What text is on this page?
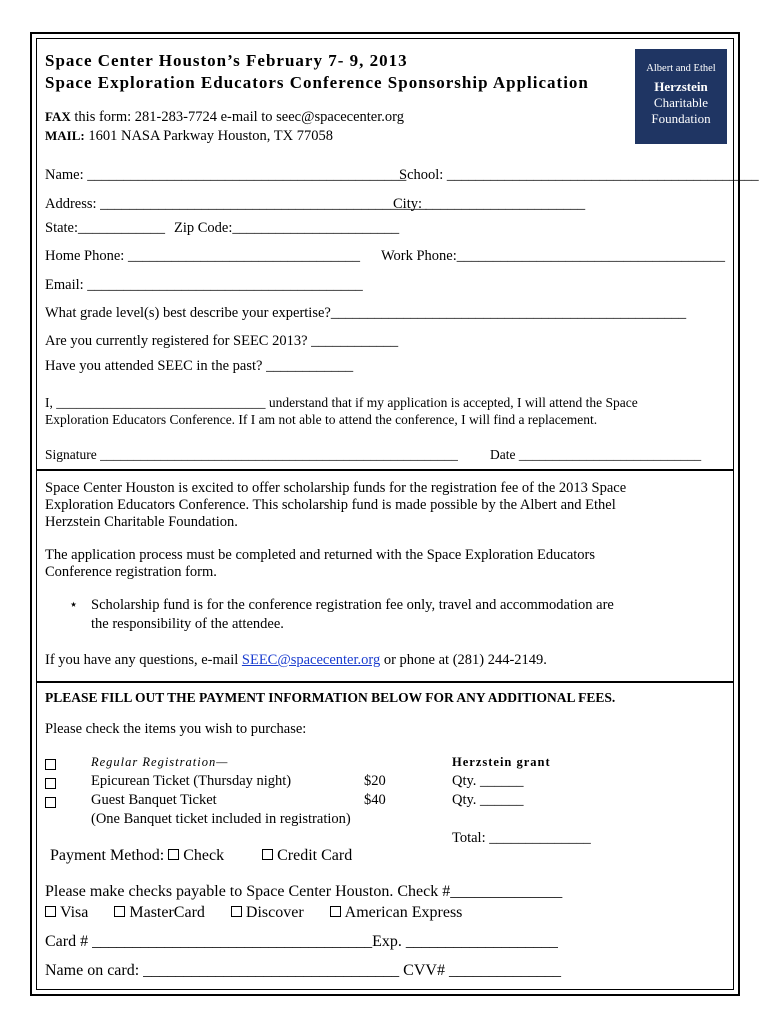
Space Center Houston’s February 7- 9, 2013
Space Exploration Educators Conference Sponsorship Application
Albert and Ethel
Herzstein
Charitable
Foundation
FAX this form: 281-283-7724 e-mail to seec@spacecenter.org
MAIL: 1601 NASA Parkway Houston, TX 77058
Name: ____________________________________________
School: ___________________________________________
Address: _____________________________________________
City: ______________________
State:____________ Zip Code:_______________________
Home Phone: ________________________________ Work Phone:_____________________________________
Email: ______________________________________
What grade level(s) best describe your expertise?_________________________________________________
Are you currently registered for SEEC 2013? ____________
Have you attended SEEC in the past? ____________
I, _______________________________ understand that if my application is accepted, I will attend the Space
Exploration Educators Conference. If I am not able to attend the conference, I will find a replacement.
Signature _____________________________________________________ Date ___________________________
Space Center Houston is excited to offer scholarship funds for the registration fee of the 2013 Space
Exploration Educators Conference. This scholarship fund is made possible by the Albert and Ethel
Herzstein Charitable Foundation.
The application process must be completed and returned with the Space Exploration Educators
Conference registration form.
⋆ Scholarship fund is for the conference registration fee only, travel and accommodation are
the responsibility of the attendee.
If you have any questions, e-mail SEEC@spacecenter.org or phone at (281) 244-2149.
PLEASE FILL OUT THE PAYMENT INFORMATION BELOW FOR ANY ADDITIONAL FEES.
Please check the items you wish to purchase:
Herzstein grant
Regular Registration—
Epicurean Ticket (Thursday night)	$20	Qty. ______
Guest Banquet Ticket	$40	Qty. ______
(One Banquet ticket included in registration)
Total: ______________
Payment Method: Check	Credit Card
Please make checks payable to Space Center Houston. Check #______________
Visa	MasterCard	Discover	American Express
Card # ___________________________________Exp. ___________________
Name on card: ________________________________ CVV# ______________
